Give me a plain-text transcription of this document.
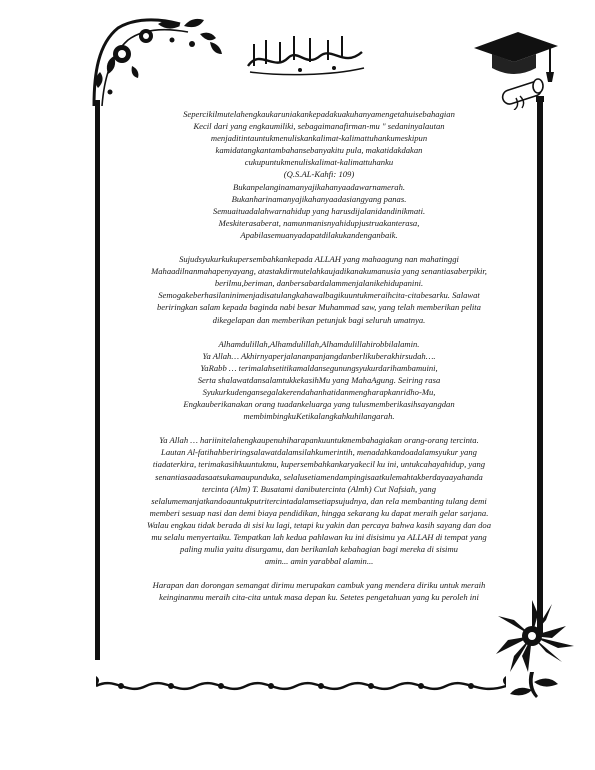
Sepercikilmutelahengkaukaruniakankepadakuakuhanyamengetahuisebahagian
Kecil dari yang engkaumiliki, sebagaimanafirman-mu " sedaninyalautan
menjaditintauntukmenuliskankalimat-kalimattuhankumeskipun
kamidatangkantambahansebanyakitu pula, makatidakdakan
cukupuntukmenuliskalimat-kalimattuhanku
(Q.S.AL-Kahfi: 109)
Bukanpelanginamanyajikahanyaadawarnamerah.
Bukanharinamanyajikahanyaadasiangyang panas.
Semuaituadalahwarnahidup yang harusdijalanidandinikmati.
Meskiterasaberat, namunmanisnyahidupjustruakanterasa,
Apabilasemuanyadapatdilakukandenganbaik.

Sujudsyukurkukupersembahkankepada ALLAH yang mahaagung nan mahatinggi
Mahaadilnanmahapenyayang, atastakdirmutelahkaujadikanakumanusia yang senantiasaberpikir,
berilmu,beriman, danbersabardalammenjalanikehidupanini.
Semogakeberhasilaninimenjadisatulangkahawalbagikuuntukmeraihcita-citabesarku. Salawat
beriringkan salam kepada baginda nabi besar Muhammad saw, yang telah memberikan pelita
dikegelapan dan memberikan petunjuk bagi seluruh umatnya.

Alhamdulillah,Alhamdulillah,Alhamdulillahirobbilalamin.
Ya Allah… Akhirnyaperjalananpanjangdanberlikuberakhirsudah….
YaRabb … terimalahsetitikamaldansegunungsyukurdarihambamuini,
Serta shalawatdansalamtukkekasihMu yang MahaAgung. Seiring rasa
Syukurkudengansegalakerendahanhatidanmengharapkanridho-Mu,
Engkauberikanakan orang tuadankeluarga yang tulusmemberikasihsayangdan
membimbingkuKetikalangkahkuhilangarah.

Ya Allah … hariinitelahengkaupenuhiharapankuuntukmembahagiakan orang-orang tercinta.
Lautan Al-fatihahberiringsalawatdalamsilahkumerintih, menadahkandoadalamsyukur yang
tiadaterkira, terimakasihkuuntukmu, kupersembahkankaryakecil ku ini, untukcahayahidup, yang
senantiasaadasaatsukamaupunduka, selalusetiamendampingisaatkulemahtakberdayaayahanda
tercinta (Alm) T. Busatami danibutercinta (Almh) Cut Nafsiah, yang
selalumemanjatkandoauntukputritercintadalamsetiapsujudnya, dan rela membanting tulang demi
memberi sesuap nasi dan demi biaya pendidikan, hingga sekarang ku dapat meraih gelar sarjana.
Walau engkau tidak berada di sisi ku lagi, tetapi ku yakin dan percaya bahwa kasih sayang dan doa
mu selalu menyertaiku. Tempatkan lah kedua pahlawan ku ini disisimu ya ALLAH di tempat yang
paling mulia yaitu disurgamu, dan berikanlah kebahagian bagi mereka di sisimu
amin... amin yarabbal alamin...

Harapan dan dorongan semangat dirimu merupakan cambuk yang mendera diriku untuk meraih
keinginanmu meraih cita-cita untuk masa depan ku. Setetes pengetahuan yang ku peroleh ini
